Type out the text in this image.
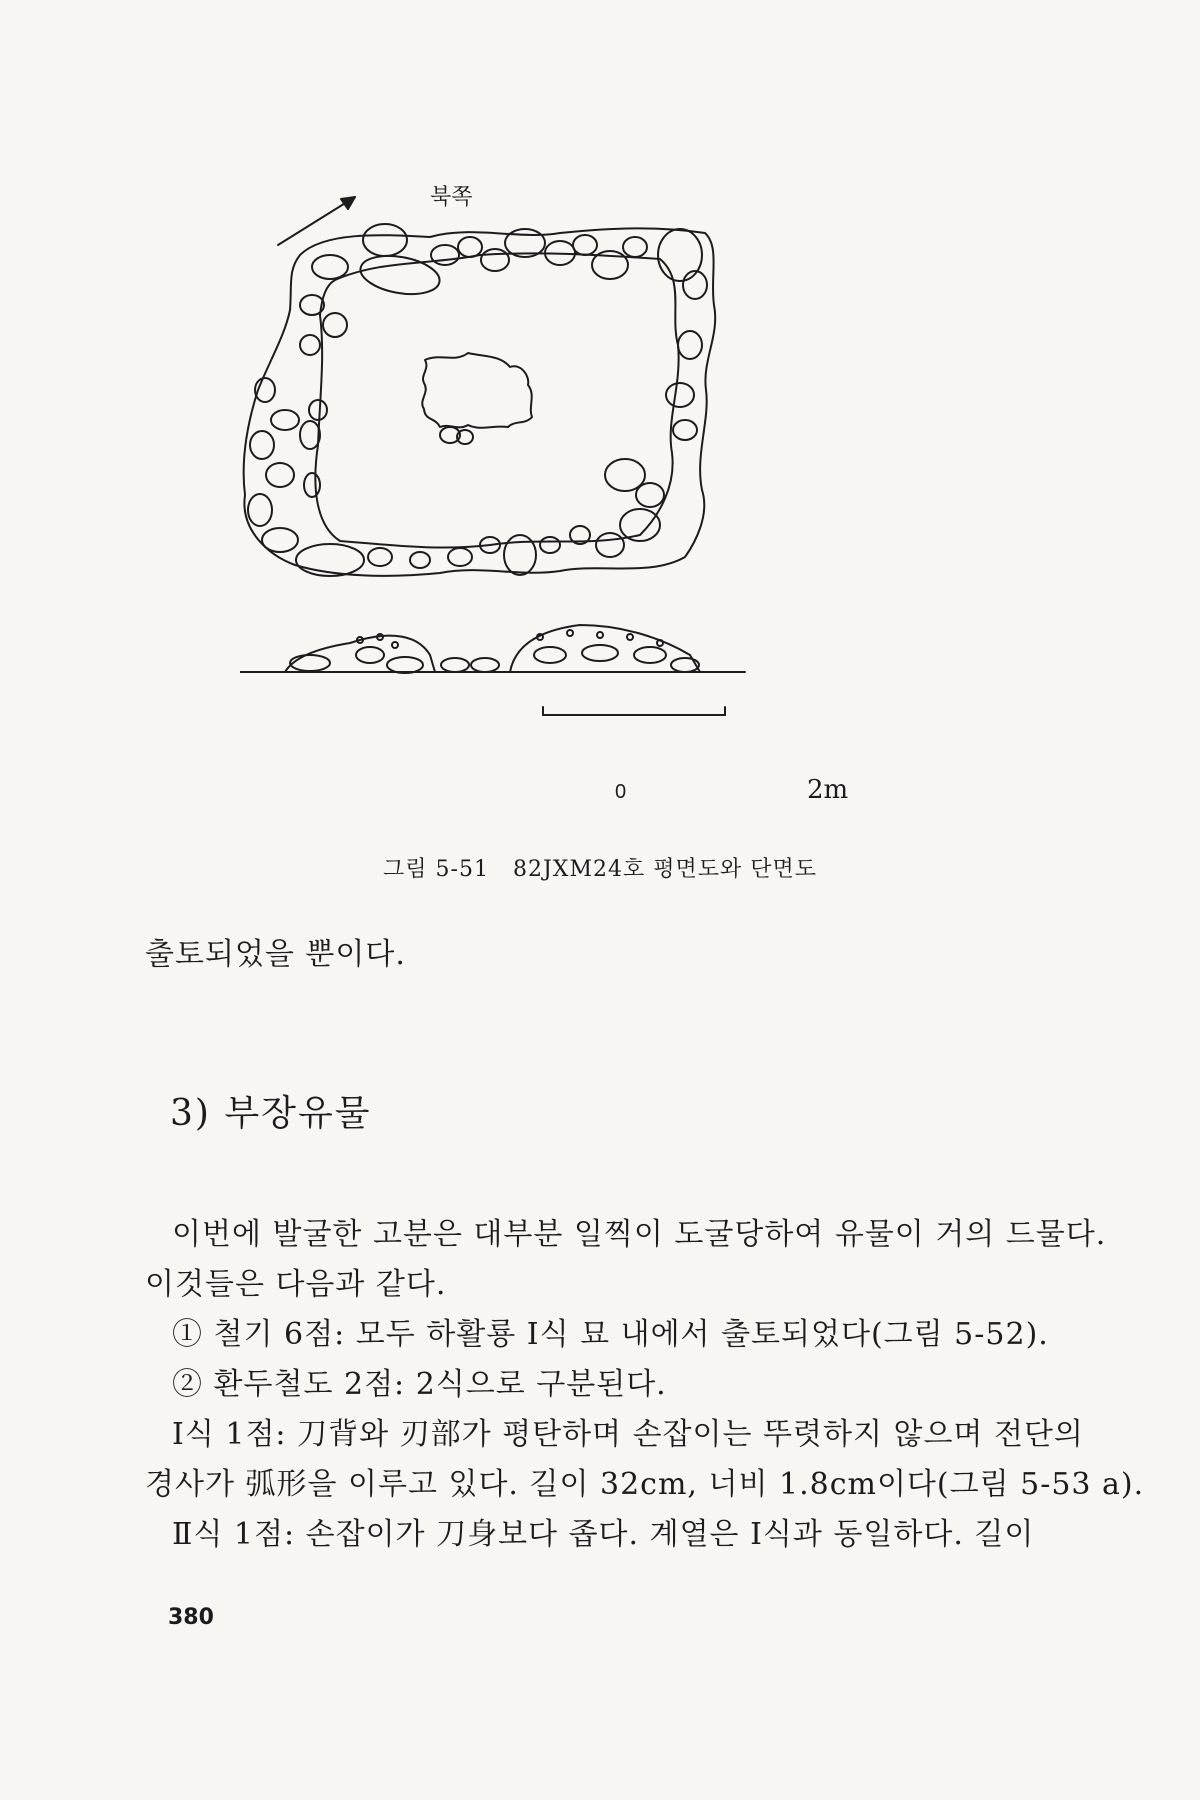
북쪽
0	2m
그림 5-51 82JXM24호 평면도와 단면도
출토되었을 뿐이다.
3) 부장유물
이번에 발굴한 고분은 대부분 일찍이 도굴당하여 유물이 거의 드물다.
이것들은 다음과 같다.
① 철기 6점: 모두 하활룡 I식 묘 내에서 출토되었다(그림 5-52).
② 환두철도 2점: 2식으로 구분된다.
I식 1점: 刀背와 刃部가 평탄하며 손잡이는 뚜렷하지 않으며 전단의
경사가 弧形을 이루고 있다. 길이 32cm, 너비 1.8cm이다(그림 5-53 a).
Ⅱ식 1점: 손잡이가 刀身보다 좁다. 계열은 I식과 동일하다. 길이
380
